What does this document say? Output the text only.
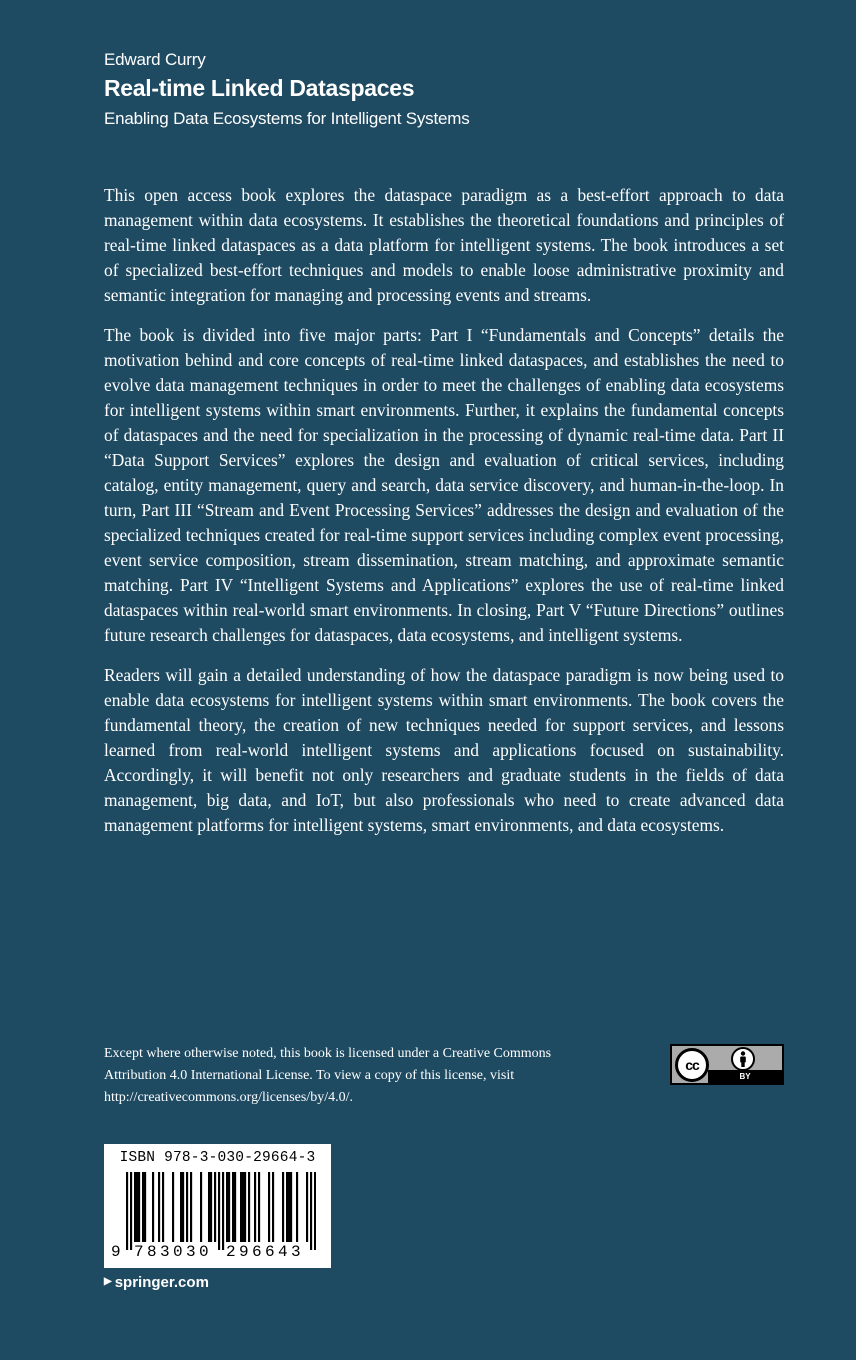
Edward Curry
Real-time Linked Dataspaces
Enabling Data Ecosystems for Intelligent Systems

This open access book explores the dataspace paradigm as a best-effort approach to data management within data ecosystems. It establishes the theoretical foundations and principles of real-time linked dataspaces as a data platform for intelligent systems. The book introduces a set of specialized best-effort techniques and models to enable loose administrative proximity and semantic integration for managing and processing events and streams.

The book is divided into five major parts: Part I “Fundamentals and Concepts” details the motivation behind and core concepts of real-time linked dataspaces, and establishes the need to evolve data management techniques in order to meet the challenges of enabling data ecosystems for intelligent systems within smart environments. Further, it explains the fundamental concepts of dataspaces and the need for specialization in the processing of dynamic real-time data. Part II “Data Support Services” explores the design and evaluation of critical services, including catalog, entity management, query and search, data service discovery, and human-in-the-loop. In turn, Part III “Stream and Event Processing Services” addresses the design and evaluation of the specialized techniques created for real-time support services including complex event processing, event service composition, stream dissemination, stream matching, and approximate semantic matching. Part IV “Intelligent Systems and Applications” explores the use of real-time linked dataspaces within real-world smart environments. In closing, Part V “Future Directions” outlines future research challenges for dataspaces, data ecosystems, and intelligent systems.

Readers will gain a detailed understanding of how the dataspace paradigm is now being used to enable data ecosystems for intelligent systems within smart environments. The book covers the fundamental theory, the creation of new techniques needed for support services, and lessons learned from real-world intelligent systems and applications focused on sustainability. Accordingly, it will benefit not only researchers and graduate students in the fields of data management, big data, and IoT, but also professionals who need to create advanced data management platforms for intelligent systems, smart environments, and data ecosystems.

Except where otherwise noted, this book is licensed under a Creative Commons Attribution 4.0 International License. To view a copy of this license, visit http://creativecommons.org/licenses/by/4.0/.
cc
BY
ISBN 978-3-030-29664-3
9 783030 296643
▶ springer.com
